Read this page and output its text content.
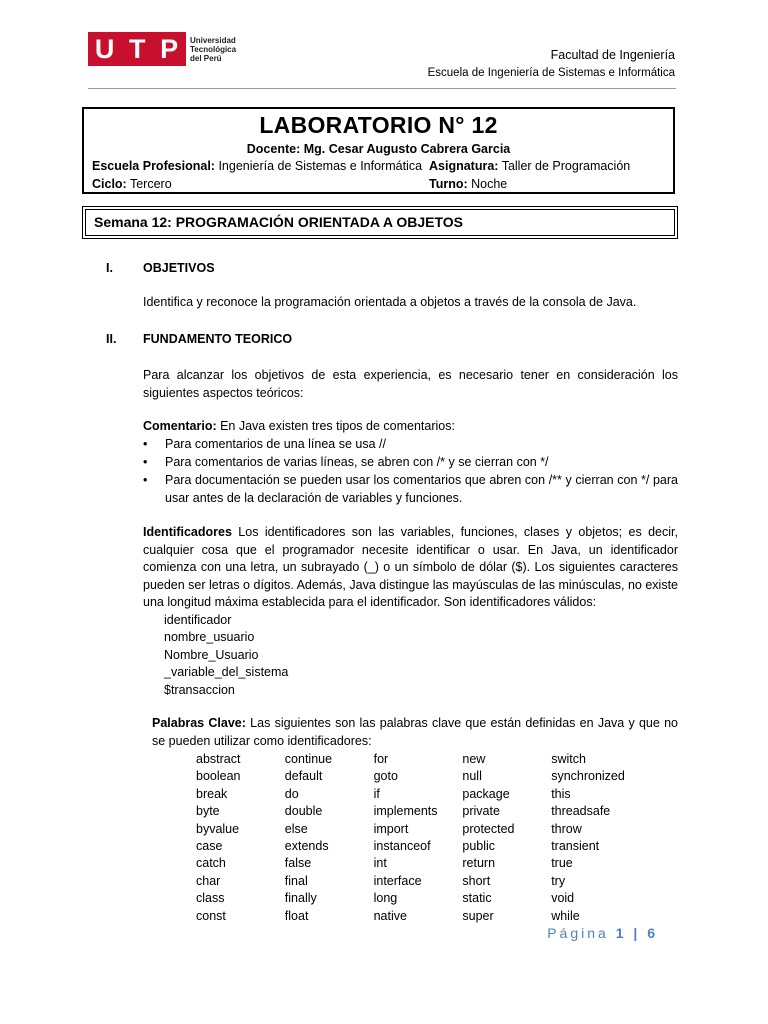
U T P Universidad
Tecnológica
del Perú	Facultad de Ingeniería
Escuela de Ingeniería de Sistemas e Informática
LABORATORIO N° 12
Docente: Mg. Cesar Augusto Cabrera Garcia
Escuela Profesional: Ingeniería de Sistemas e Informática Asignatura: Taller de Programación
Ciclo: Tercero	Turno: Noche
Semana 12: PROGRAMACIÓN ORIENTADA A OBJETOS
I. OBJETIVOS
Identifica y reconoce la programación orientada a objetos a través de la consola de Java.
II. FUNDAMENTO TEORICO
Para alcanzar los objetivos de esta experiencia, es necesario tener en consideración los siguientes aspectos teóricos:
Comentario: En Java existen tres tipos de comentarios:
• Para comentarios de una línea se usa //
• Para comentarios de varias líneas, se abren con /* y se cierran con */
• Para documentación se pueden usar los comentarios que abren con /** y cierran con */ para usar antes de la declaración de variables y funciones.
Identificadores Los identificadores son las variables, funciones, clases y objetos; es decir, cualquier cosa que el programador necesite identificar o usar. En Java, un identificador comienza con una letra, un subrayado (_) o un símbolo de dólar ($). Los siguientes caracteres pueden ser letras o dígitos. Además, Java distingue las mayúsculas de las minúsculas, no existe una longitud máxima establecida para el identificador. Son identificadores válidos:
identificador
nombre_usuario
Nombre_Usuario
_variable_del_sistema
$transaccion
Palabras Clave: Las siguientes son las palabras clave que están definidas en Java y que no se pueden utilizar como identificadores:
abstract	continue	for	new	switch
boolean	default	goto	null	synchronized
break	do	if	package	this
byte	double	implements	private	threadsafe
byvalue	else	import	protected	throw
case	extends	instanceof	public	transient
catch	false	int	return	true
char	final	interface	short	try
class	finally	long	static	void
const	float	native	super	while
Página 1 | 6
